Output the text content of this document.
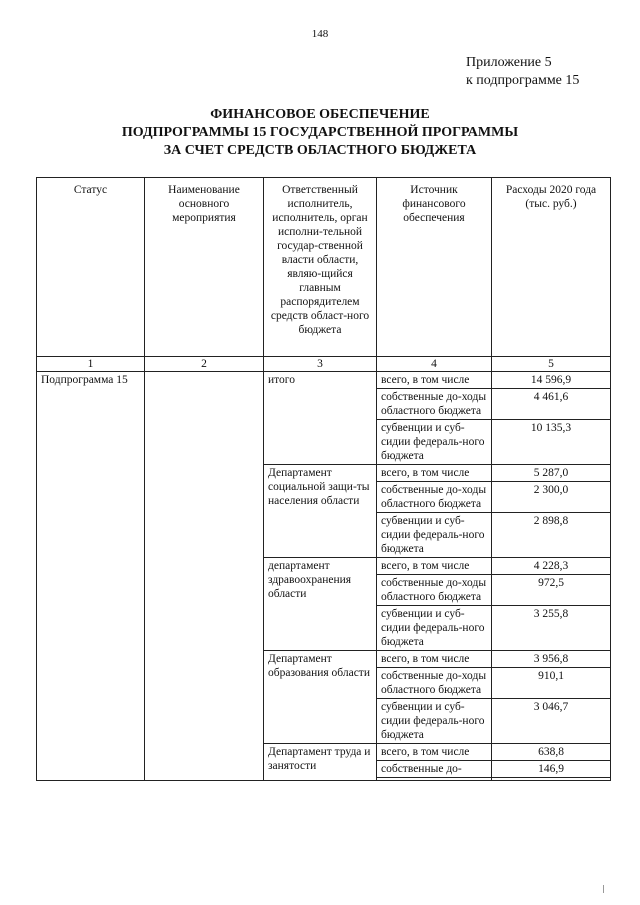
148
Приложение 5
к подпрограмме 15
ФИНАНСОВОЕ ОБЕСПЕЧЕНИЕ
ПОДПРОГРАММЫ 15 ГОСУДАРСТВЕННОЙ ПРОГРАММЫ
ЗА СЧЕТ СРЕДСТВ ОБЛАСТНОГО БЮДЖЕТА
Статус	Наименование основного мероприятия	Ответственный исполнитель, исполнитель, орган исполни-тельной государ-ственной власти области, являю-щийся главным распорядителем средств област-ного бюджета	Источник финансового обеспечения	Расходы 2020 года (тыс. руб.)
1	2	3	4	5
Подпрограмма 15		итого	всего, в том числе	14 596,9
			собственные до-ходы областного бюджета	4 461,6
			субвенции и суб-сидии федераль-ного бюджета	10 135,3
		Департамент социальной защи-ты населения области	всего, в том числе	5 287,0
			собственные до-ходы областного бюджета	2 300,0
			субвенции и суб-сидии федераль-ного бюджета	2 898,8
		департамент здравоохранения области	всего, в том числе	4 228,3
			собственные до-ходы областного бюджета	972,5
			субвенции и суб-сидии федераль-ного бюджета	3 255,8
		Департамент образования области	всего, в том числе	3 956,8
			собственные до-ходы областного бюджета	910,1
			субвенции и суб-сидии федераль-ного бюджета	3 046,7
		Департамент труда и занятости	всего, в том числе	638,8
			собственные до-	146,9
